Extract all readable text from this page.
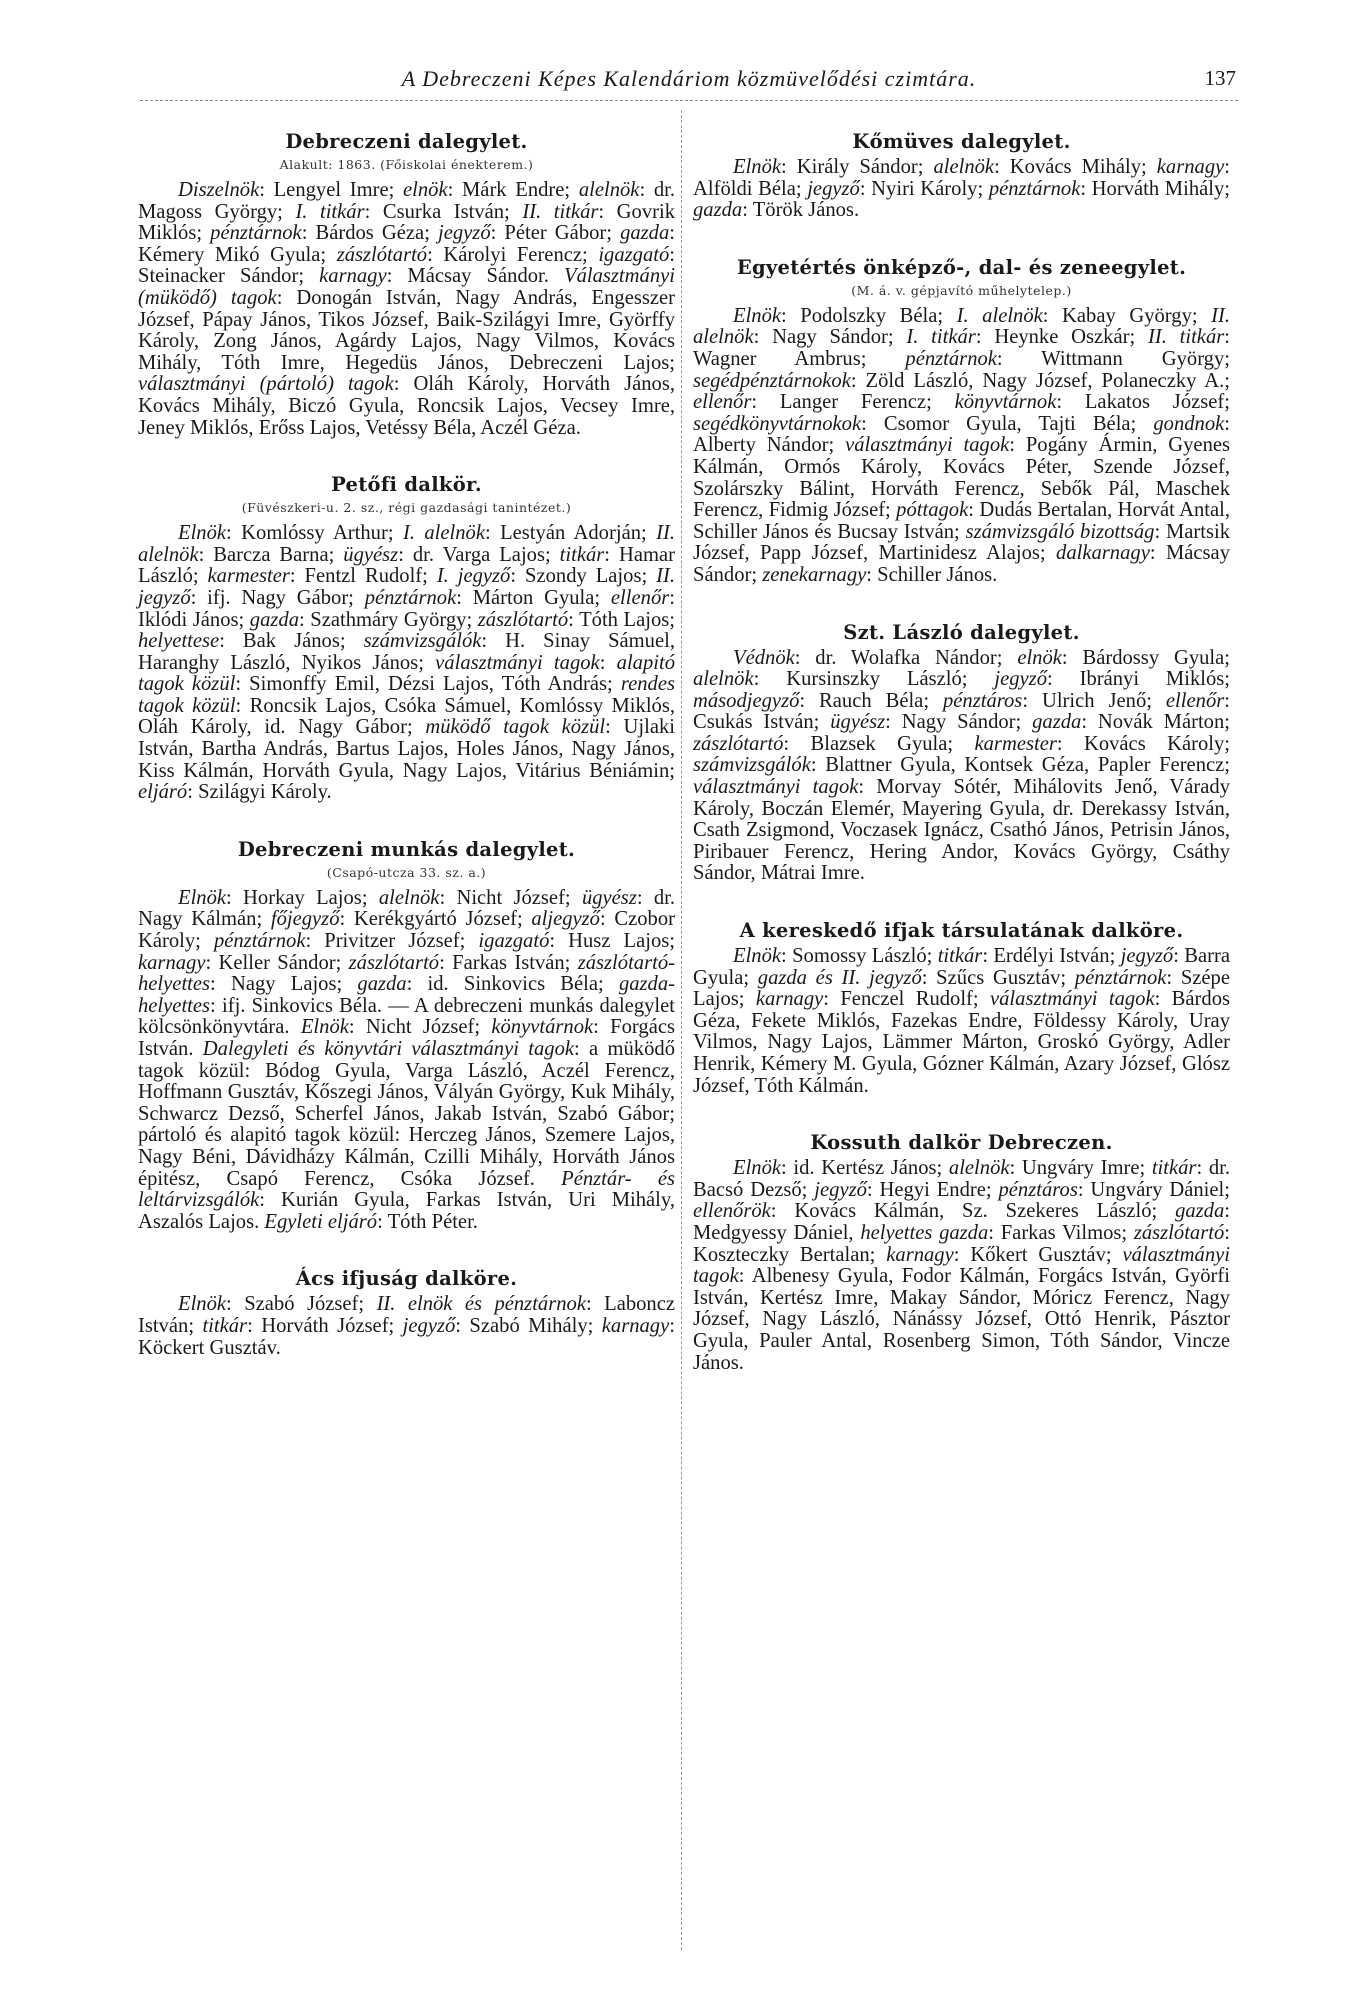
A Debreczeni Képes Kalendáriom közmüvelődési czimtára.	137
Debreczeni dalegylet.
Alakult: 1863. (Főiskolai énekterem.)
Diszelnök: Lengyel Imre; elnök: Márk Endre; alelnök: dr. Magoss György; I. titkár: Csurka István; II. titkár: Govrik Miklós; pénztárnok: Bárdos Géza; jegyző: Péter Gábor; gazda: Kémery Mikó Gyula; zászlótartó: Károlyi Ferencz; igazgató: Steinacker Sándor; karnagy: Mácsay Sándor. Választmányi (müködő) tagok: Donogán István, Nagy András, Engesszer József, Pápay János, Tikos József, Baik-Szilágyi Imre, Györffy Károly, Zong János, Agárdy Lajos, Nagy Vilmos, Kovács Mihály, Tóth Imre, Hegedüs János, Debreczeni Lajos; választmányi (pártoló) tagok: Oláh Károly, Horváth János, Kovács Mihály, Biczó Gyula, Roncsik Lajos, Vecsey Imre, Jeney Miklós, Erőss Lajos, Vetéssy Béla, Aczél Géza.
Petőfi dalkör.
(Füvészkeri-u. 2. sz., régi gazdasági tanintézet.)
Elnök: Komlóssy Arthur; I. alelnök: Lestyán Adorján; II. alelnök: Barcza Barna; ügyész: dr. Varga Lajos; titkár: Hamar László; karmester: Fentzl Rudolf; I. jegyző: Szondy Lajos; II. jegyző: ifj. Nagy Gábor; pénztárnok: Márton Gyula; ellenőr: Iklódi János; gazda: Szathmáry György; zászlótartó: Tóth Lajos; helyettese: Bak János; számvizsgálók: H. Sinay Sámuel, Haranghy László, Nyikos János; választmányi tagok: alapitó tagok közül: Simonffy Emil, Dézsi Lajos, Tóth András; rendes tagok közül: Roncsik Lajos, Csóka Sámuel, Komlóssy Miklós, Oláh Károly, id. Nagy Gábor; müködő tagok közül: Ujlaki István, Bartha András, Bartus Lajos, Holes János, Nagy János, Kiss Kálmán, Horváth Gyula, Nagy Lajos, Vitárius Béniámin; eljáró: Szilágyi Károly.
Debreczeni munkás dalegylet.
(Csapó-utcza 33. sz. a.)
Elnök: Horkay Lajos; alelnök: Nicht József; ügyész: dr. Nagy Kálmán; főjegyző: Kerékgyártó József; aljegyző: Czobor Károly; pénztárnok: Privitzer József; igazgató: Husz Lajos; karnagy: Keller Sándor; zászlótartó: Farkas István; zászlótartó-helyettes: Nagy Lajos; gazda: id. Sinkovics Béla; gazda-helyettes: ifj. Sinkovics Béla. — A debreczeni munkás dalegylet kölcsönkönyvtára. Elnök: Nicht József; könyvtárnok: Forgács István. Dalegyleti és könyvtári választmányi tagok: a müködő tagok közül: Bódog Gyula, Varga László, Aczél Ferencz, Hoffmann Gusztáv, Kőszegi János, Vályán György, Kuk Mihály, Schwarcz Dezső, Scherfel János, Jakab István, Szabó Gábor; pártoló és alapitó tagok közül: Herczeg János, Szemere Lajos, Nagy Béni, Dávidházy Kálmán, Czilli Mihály, Horváth János épitész, Csapó Ferencz, Csóka József. Pénztár- és leltárvizsgálók: Kurián Gyula, Farkas István, Uri Mihály, Aszalós Lajos. Egyleti eljáró: Tóth Péter.
Ács ifjuság dalköre.
Elnök: Szabó József; II. elnök és pénztárnok: Laboncz István; titkár: Horváth József; jegyző: Szabó Mihály; karnagy: Köckert Gusztáv.
Kőmüves dalegylet.
Elnök: Király Sándor; alelnök: Kovács Mihály; karnagy: Alföldi Béla; jegyző: Nyiri Károly; pénztárnok: Horváth Mihály; gazda: Török János.
Egyetértés önképző-, dal- és zeneegylet.
(M. á. v. gépjavító műhelytelep.)
Elnök: Podolszky Béla; I. alelnök: Kabay György; II. alelnök: Nagy Sándor; I. titkár: Heynke Oszkár; II. titkár: Wagner Ambrus; pénztárnok: Wittmann György; segédpénztárnokok: Zöld László, Nagy József, Polaneczky A.; ellenőr: Langer Ferencz; könyvtárnok: Lakatos József; segédkönyvtárnokok: Csomor Gyula, Tajti Béla; gondnok: Alberty Nándor; választmányi tagok: Pogány Ármin, Gyenes Kálmán, Ormós Károly, Kovács Péter, Szende József, Szolárszky Bálint, Horváth Ferencz, Sebők Pál, Maschek Ferencz, Fidmig József; póttagok: Dudás Bertalan, Horvát Antal, Schiller János és Bucsay István; számvizsgáló bizottság: Martsik József, Papp József, Martinidesz Alajos; dalkarnagy: Mácsay Sándor; zenekarnagy: Schiller János.
Szt. László dalegylet.
Védnök: dr. Wolafka Nándor; elnök: Bárdossy Gyula; alelnök: Kursinszky László; jegyző: Ibrányi Miklós; másodjegyző: Rauch Béla; pénztáros: Ulrich Jenő; ellenőr: Csukás István; ügyész: Nagy Sándor; gazda: Novák Márton; zászlótartó: Blazsek Gyula; karmester: Kovács Károly; számvizsgálók: Blattner Gyula, Kontsek Géza, Papler Ferencz; választmányi tagok: Morvay Sótér, Mihálovits Jenő, Várady Károly, Boczán Elemér, Mayering Gyula, dr. Derekassy István, Csath Zsigmond, Voczasek Ignácz, Csathó János, Petrisin János, Piribauer Ferencz, Hering Andor, Kovács György, Csáthy Sándor, Mátrai Imre.
A kereskedő ifjak társulatának dalköre.
Elnök: Somossy László; titkár: Erdélyi István; jegyző: Barra Gyula; gazda és II. jegyző: Szűcs Gusztáv; pénztárnok: Szépe Lajos; karnagy: Fenczel Rudolf; választmányi tagok: Bárdos Géza, Fekete Miklós, Fazekas Endre, Földessy Károly, Uray Vilmos, Nagy Lajos, Lämmer Márton, Groskó György, Adler Henrik, Kémery M. Gyula, Gózner Kálmán, Azary József, Glósz József, Tóth Kálmán.
Kossuth dalkör Debreczen.
Elnök: id. Kertész János; alelnök: Ungváry Imre; titkár: dr. Bacsó Dezső; jegyző: Hegyi Endre; pénztáros: Ungváry Dániel; ellenőrök: Kovács Kálmán, Sz. Szekeres László; gazda: Medgyessy Dániel, helyettes gazda: Farkas Vilmos; zászlótartó: Koszteczky Bertalan; karnagy: Kőkert Gusztáv; választmányi tagok: Albenesy Gyula, Fodor Kálmán, Forgács István, Györfi István, Kertész Imre, Makay Sándor, Móricz Ferencz, Nagy József, Nagy László, Nánássy József, Ottó Henrik, Pásztor Gyula, Pauler Antal, Rosenberg Simon, Tóth Sándor, Vincze János.
